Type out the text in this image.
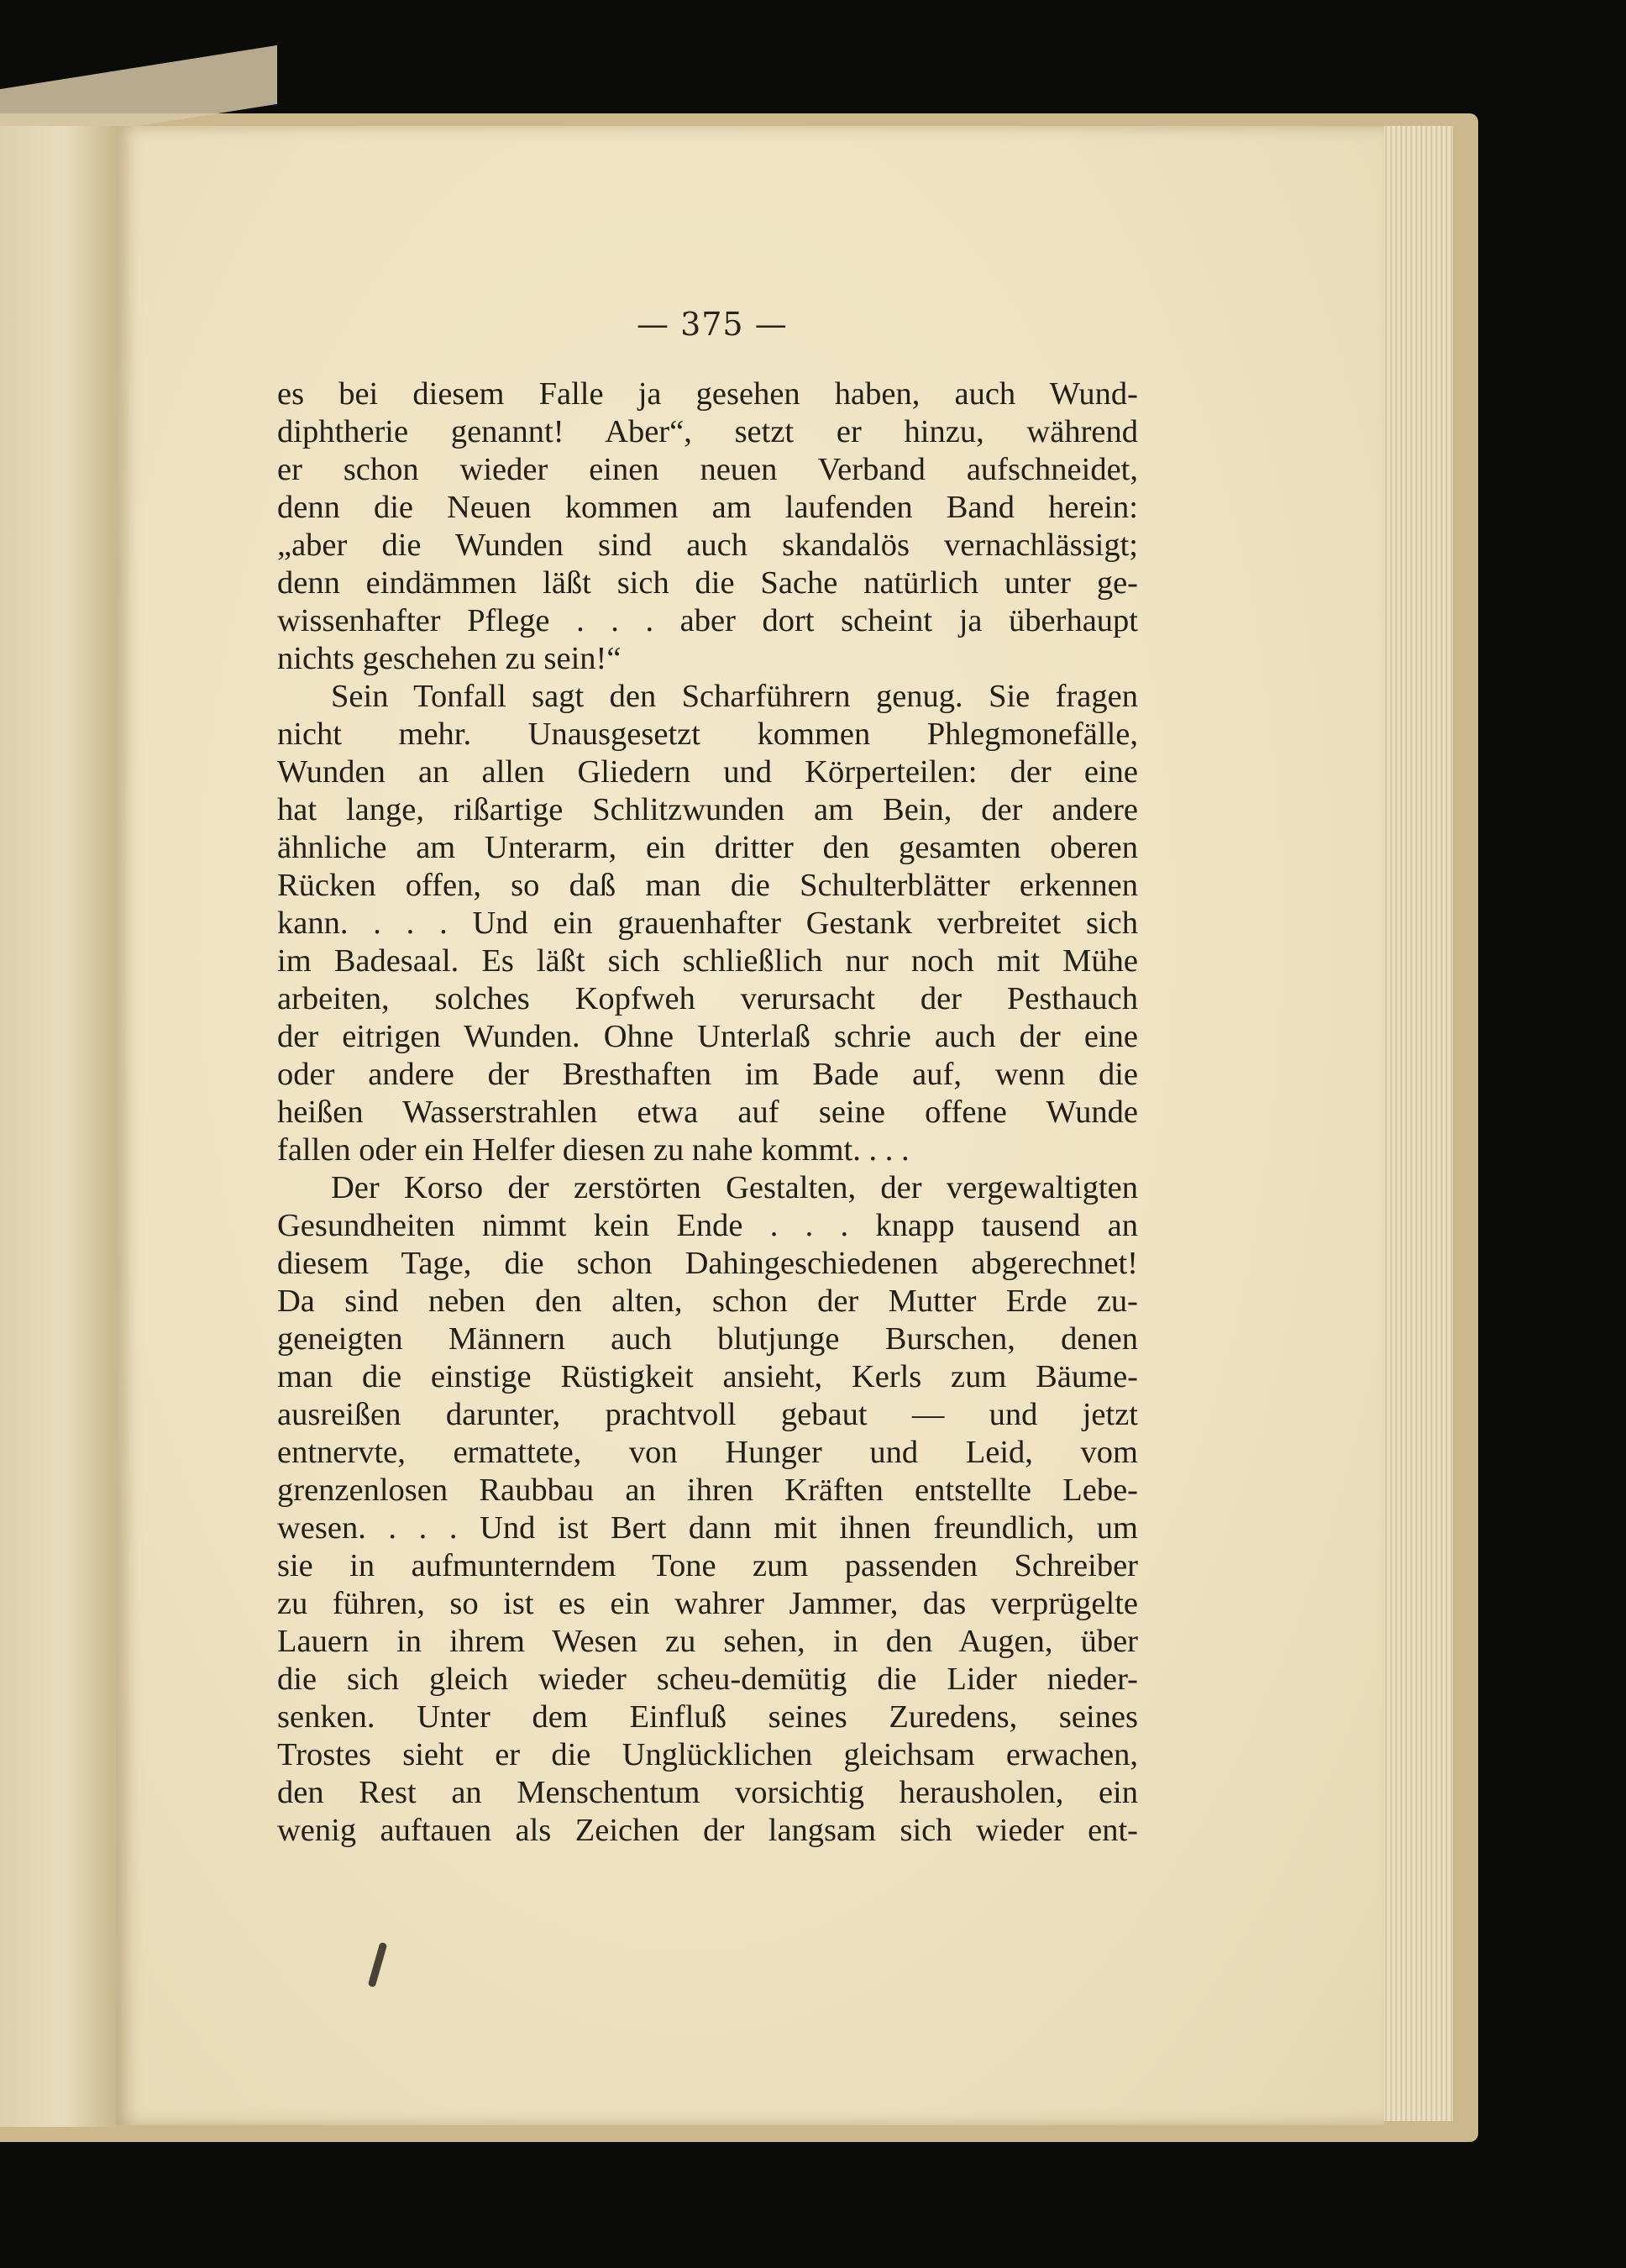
— 375 —

es bei diesem Falle ja gesehen haben, auch Wund-
diphtherie genannt! Aber“, setzt er hinzu, während
er schon wieder einen neuen Verband aufschneidet,
denn die Neuen kommen am laufenden Band herein:
„aber die Wunden sind auch skandalös vernachlässigt;
denn eindämmen läßt sich die Sache natürlich unter ge-
wissenhafter Pflege . . . aber dort scheint ja überhaupt
nichts geschehen zu sein!“

Sein Tonfall sagt den Scharführern genug. Sie fragen
nicht mehr. Unausgesetzt kommen Phlegmonefälle,
Wunden an allen Gliedern und Körperteilen: der eine
hat lange, rißartige Schlitzwunden am Bein, der andere
ähnliche am Unterarm, ein dritter den gesamten oberen
Rücken offen, so daß man die Schulterblätter erkennen
kann. . . . Und ein grauenhafter Gestank verbreitet sich
im Badesaal. Es läßt sich schließlich nur noch mit Mühe
arbeiten, solches Kopfweh verursacht der Pesthauch
der eitrigen Wunden. Ohne Unterlaß schrie auch der eine
oder andere der Bresthaften im Bade auf, wenn die
heißen Wasserstrahlen etwa auf seine offene Wunde
fallen oder ein Helfer diesen zu nahe kommt. . . .

Der Korso der zerstörten Gestalten, der vergewaltigten
Gesundheiten nimmt kein Ende . . . knapp tausend an
diesem Tage, die schon Dahingeschiedenen abgerechnet!
Da sind neben den alten, schon der Mutter Erde zu-
geneigten Männern auch blutjunge Burschen, denen
man die einstige Rüstigkeit ansieht, Kerls zum Bäume-
ausreißen darunter, prachtvoll gebaut — und jetzt
entnervte, ermattete, von Hunger und Leid, vom
grenzenlosen Raubbau an ihren Kräften entstellte Lebe-
wesen. . . . Und ist Bert dann mit ihnen freundlich, um
sie in aufmunterndem Tone zum passenden Schreiber
zu führen, so ist es ein wahrer Jammer, das verprügelte
Lauern in ihrem Wesen zu sehen, in den Augen, über
die sich gleich wieder scheu-demütig die Lider nieder-
senken. Unter dem Einfluß seines Zuredens, seines
Trostes sieht er die Unglücklichen gleichsam erwachen,
den Rest an Menschentum vorsichtig herausholen, ein
wenig auftauen als Zeichen der langsam sich wieder ent-
